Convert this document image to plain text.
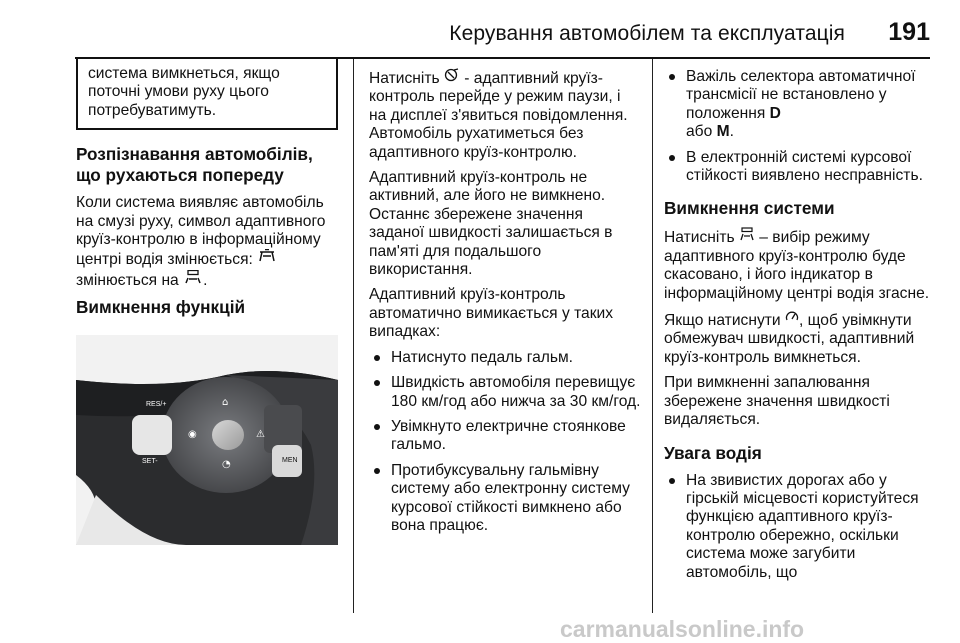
Керування автомобілем та експлуатація	191
система вимкнеться, якщо поточні умови руху цього потребуватимуть.
Розпізнавання автомобілів, що рухаються попереду

Коли система виявляє автомобіль на смузі руху, символ адаптивного круїз-контролю в інформаційному центрі водія змінюється:
змінюється на .

Вимкнення функцій
RES/+
SET-	MEN
⌂
◉	⚠
◔

Натисніть - адаптивний круїз-контроль перейде у режим паузи, і на дисплеї з'явиться повідомлення. Автомобіль рухатиметься без адаптивного круїз-контролю.

Адаптивний круїз-контроль не активний, але його не вимкнено. Останнє збережене значення заданої швидкості залишається в пам'яті для подальшого використання.

Адаптивний круїз-контроль автоматично вимикається у таких випадках:

Натиснуто педаль гальм.
Швидкість автомобіля перевищує 180 км/год або нижча за 30 км/год.
Увімкнуто електричне стоянкове гальмо.
Протибуксувальну гальмівну систему або електронну систему курсової стійкості вимкнено або вона працює.
Важіль селектора автоматичної трансмісії не встановлено у положення D
або M.
В електронній системі курсової стійкості виявлено несправність.
Вимкнення системи

Натисніть – вибір режиму адаптивного круїз-контролю буде скасовано, і його індикатор в інформаційному центрі водія згасне.

Якщо натиснути , щоб увімкнути обмежувач швидкості, адаптивний круїз-контроль вимкнеться.

При вимкненні запалювання збережене значення швидкості видаляється.

Увага водія
На звивистих дорогах або у гірській місцевості користуйтеся функцією адаптивного круїз-контролю обережно, оскільки система може загубити автомобіль, що
carmanualsonline.info
